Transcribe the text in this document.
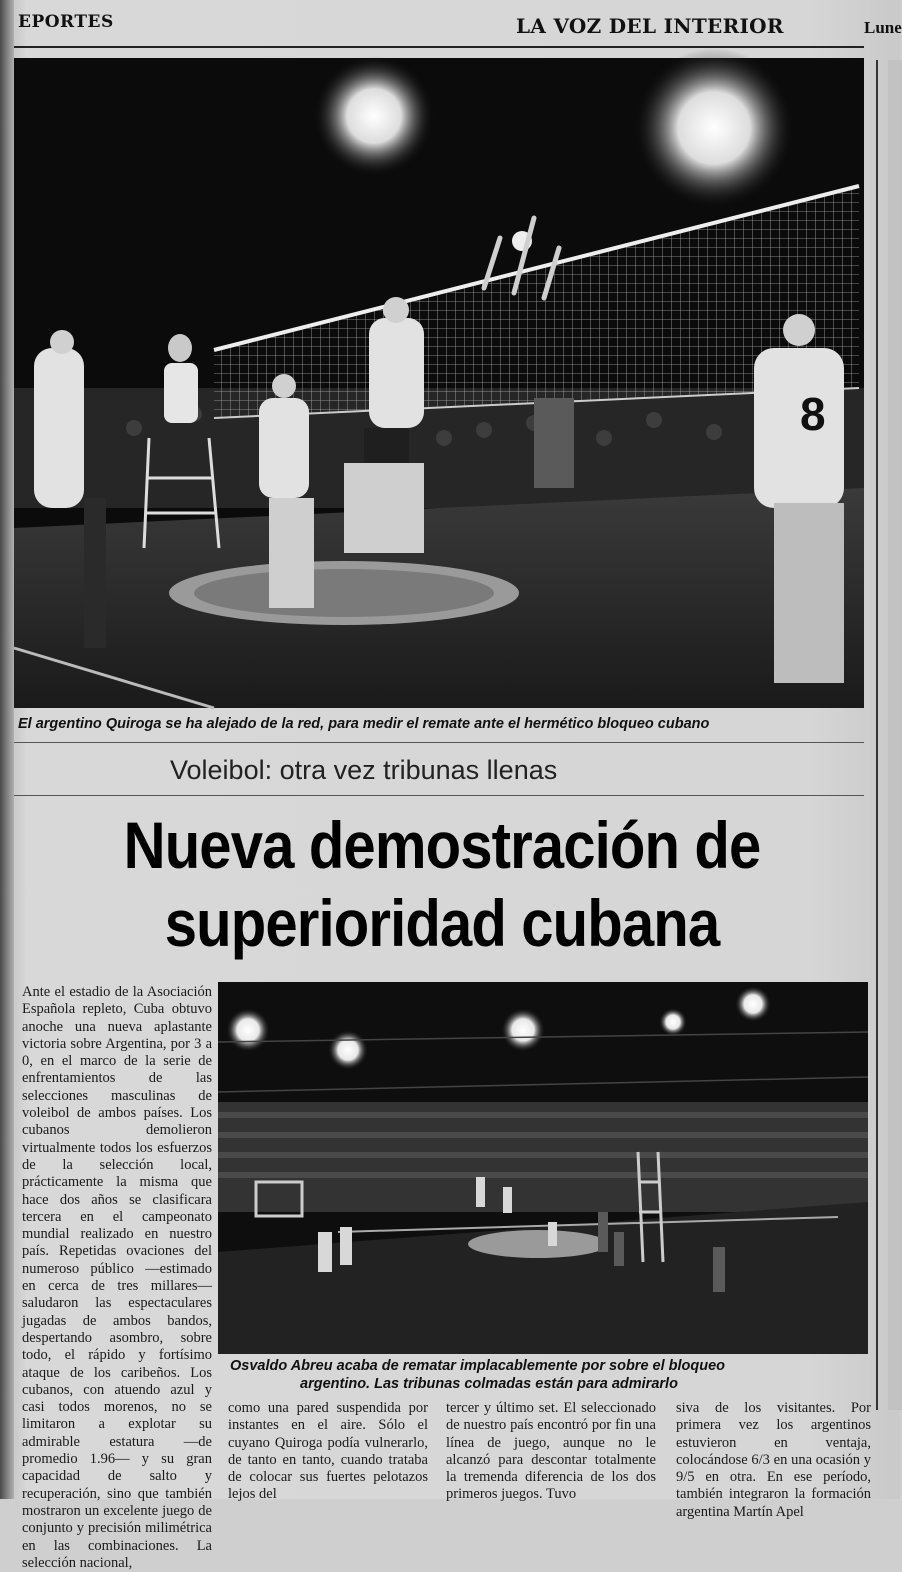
EPORTES	LA VOZ DEL INTERIOR	Lune
8
El argentino Quiroga se ha alejado de la red, para medir el remate ante el hermético bloqueo cubano
Voleibol: otra vez tribunas llenas
Nueva demostración de
superioridad cubana
Osvaldo Abreu acaba de rematar implacablemente por sobre el bloqueo
argentino. Las tribunas colmadas están para admirarlo

Ante el estadio de la Asociación Española repleto, Cuba obtuvo anoche una nueva aplastante victoria sobre Argentina, por 3 a 0, en el marco de la serie de enfrentamientos de las selecciones masculinas de voleibol de ambos países. Los cubanos demolieron virtualmente todos los esfuerzos de la selección local, prácticamente la misma que hace dos años se clasificara tercera en el campeonato mundial realizado en nuestro país. Repetidas ovaciones del numeroso público —estimado en cerca de tres millares— saludaron las espectaculares jugadas de ambos bandos, despertando asombro, sobre todo, el rápido y fortísimo ataque de los caribeños. Los cubanos, con atuendo azul y casi todos morenos, no se limitaron a explotar su admirable estatura —de promedio 1.96— y su gran capacidad de salto y recuperación, sino que también mostraron un excelente juego de conjunto y precisión milimétrica en las combinaciones. La selección nacional,

como una pared suspendida por instantes en el aire. Sólo el cuyano Quiroga podía vulnerarlo, de tanto en tanto, cuando trataba de colocar sus fuertes pelotazos lejos del

tercer y último set. El seleccionado de nuestro país encontró por fin una línea de juego, aunque no le alcanzó para descontar totalmente la tremenda diferencia de los dos primeros juegos. Tuvo

siva de los visitantes. Por primera vez los argentinos estuvieron en ventaja, colocándose 6/3 en una ocasión y 9/5 en otra. En ese período, también integraron la formación argentina Martín Apel
